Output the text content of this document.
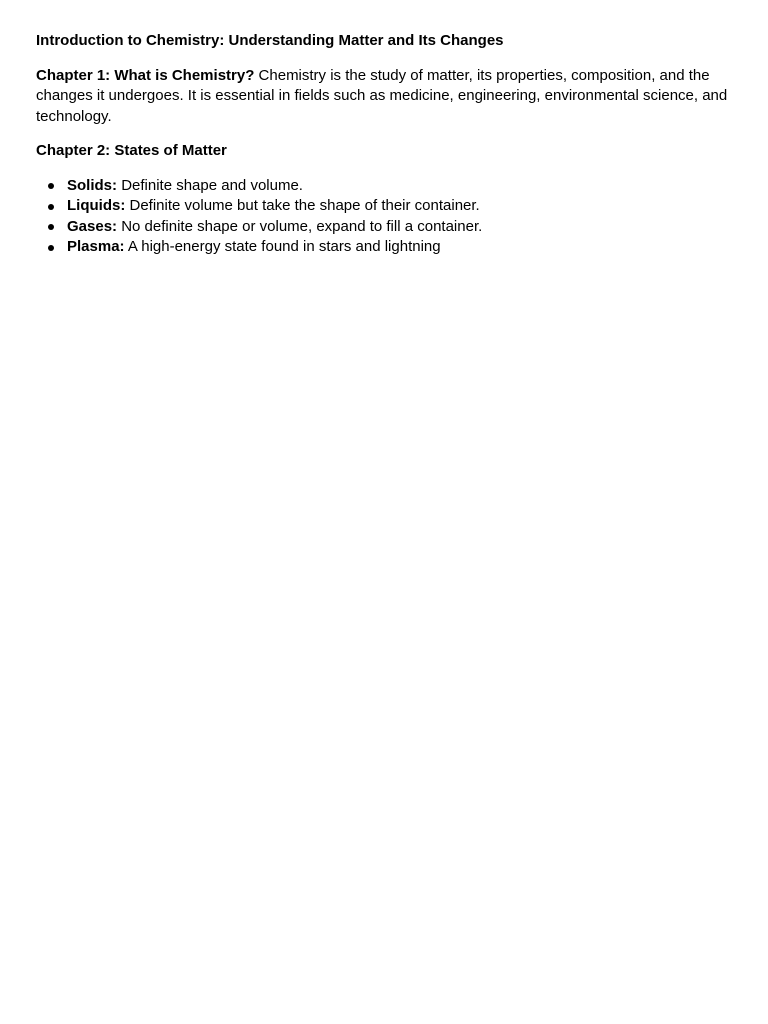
Introduction to Chemistry: Understanding Matter and Its Changes

Chapter 1: What is Chemistry? Chemistry is the study of matter, its properties, composition, and the changes it undergoes. It is essential in fields such as medicine, engineering, environmental science, and technology.

Chapter 2: States of Matter

Solids: Definite shape and volume.
Liquids: Definite volume but take the shape of their container.
Gases: No definite shape or volume, expand to fill a container.
Plasma: A high-energy state found in stars and lightning
